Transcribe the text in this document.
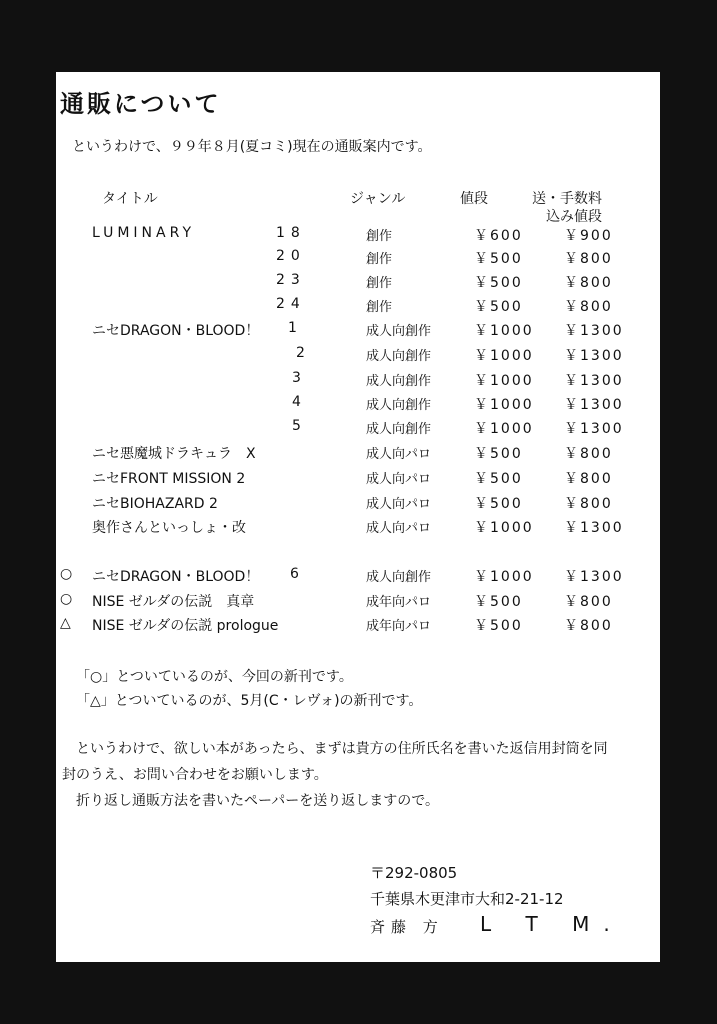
通販について
というわけで、９９年８月(夏コミ)現在の通販案内です。
タイトル	ジャンル	値段	送・手数料
込み値段
LUMINARY	18	創作	￥600	￥900
20	創作	￥500	￥800
23	創作	￥500	￥800
24	創作	￥500	￥800
ニセDRAGON・BLOOD！ 1	成人向創作	￥1000 ￥1300
2	成人向創作	￥1000 ￥1300
3	成人向創作	￥1000 ￥1300
4	成人向創作	￥1000 ￥1300
5	成人向創作	￥1000 ￥1300
ニセ悪魔城ドラキュラ　X	成人向パロ	￥500	￥800
ニセFRONT MISSION 2	成人向パロ	￥500	￥800
ニセBIOHAZARD 2	成人向パロ	￥500	￥800
奥作さんといっしょ・改	成人向パロ	￥1000 ￥1300
○ ニセDRAGON・BLOOD！ 6	成人向創作	￥1000 ￥1300
○ NISE ゼルダの伝説　真章	成年向パロ	￥500	￥800
△ NISE ゼルダの伝説 prologue	成年向パロ	￥500	￥800
「○」とついているのが、今回の新刊です。
「△」とついているのが、5月(C・レヴォ)の新刊です。
というわけで、欲しい本があったら、まずは貴方の住所氏名を書いた返信用封筒を同
封のうえ、お問い合わせをお願いします。
折り返し通販方法を書いたペーパーを送り返しますので。
〒292-0805
千葉県木更津市大和2-21-12
斉藤 方 L T M.
